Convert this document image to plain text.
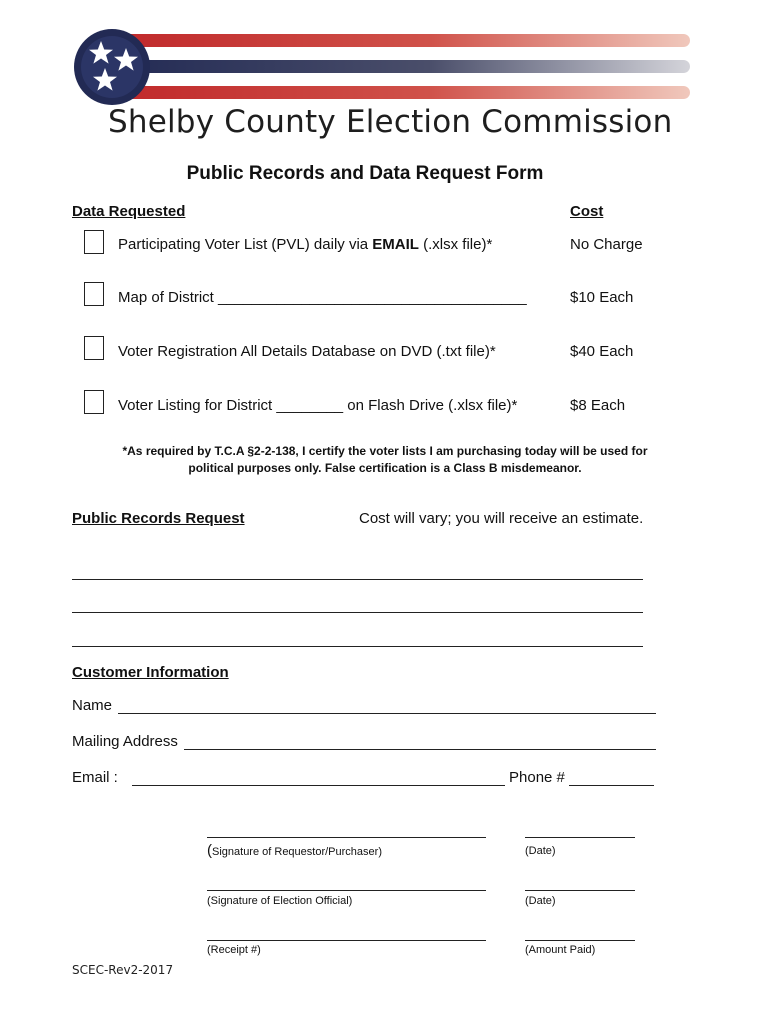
Shelby County Election Commission
Public Records and Data Request Form
Data Requested	Cost
Participating Voter List (PVL) daily via EMAIL (.xlsx file)*	No Charge
Map of District _____________________________________	$10 Each
Voter Registration All Details Database on DVD (.txt file)*	$40 Each
Voter Listing for District ________ on Flash Drive (.xlsx file)*	$8 Each
*As required by T.C.A §2-2-138, I certify the voter lists I am purchasing today will be used for
political purposes only. False certification is a Class B misdemeanor.
Public Records Request	Cost will vary; you will receive an estimate.
Customer Information
Name
Mailing Address
Email :	Phone #
(Signature of Requestor/Purchaser)	(Date)
(Signature of Election Official)	(Date)
(Receipt #)	(Amount Paid)
SCEC-Rev2-2017
